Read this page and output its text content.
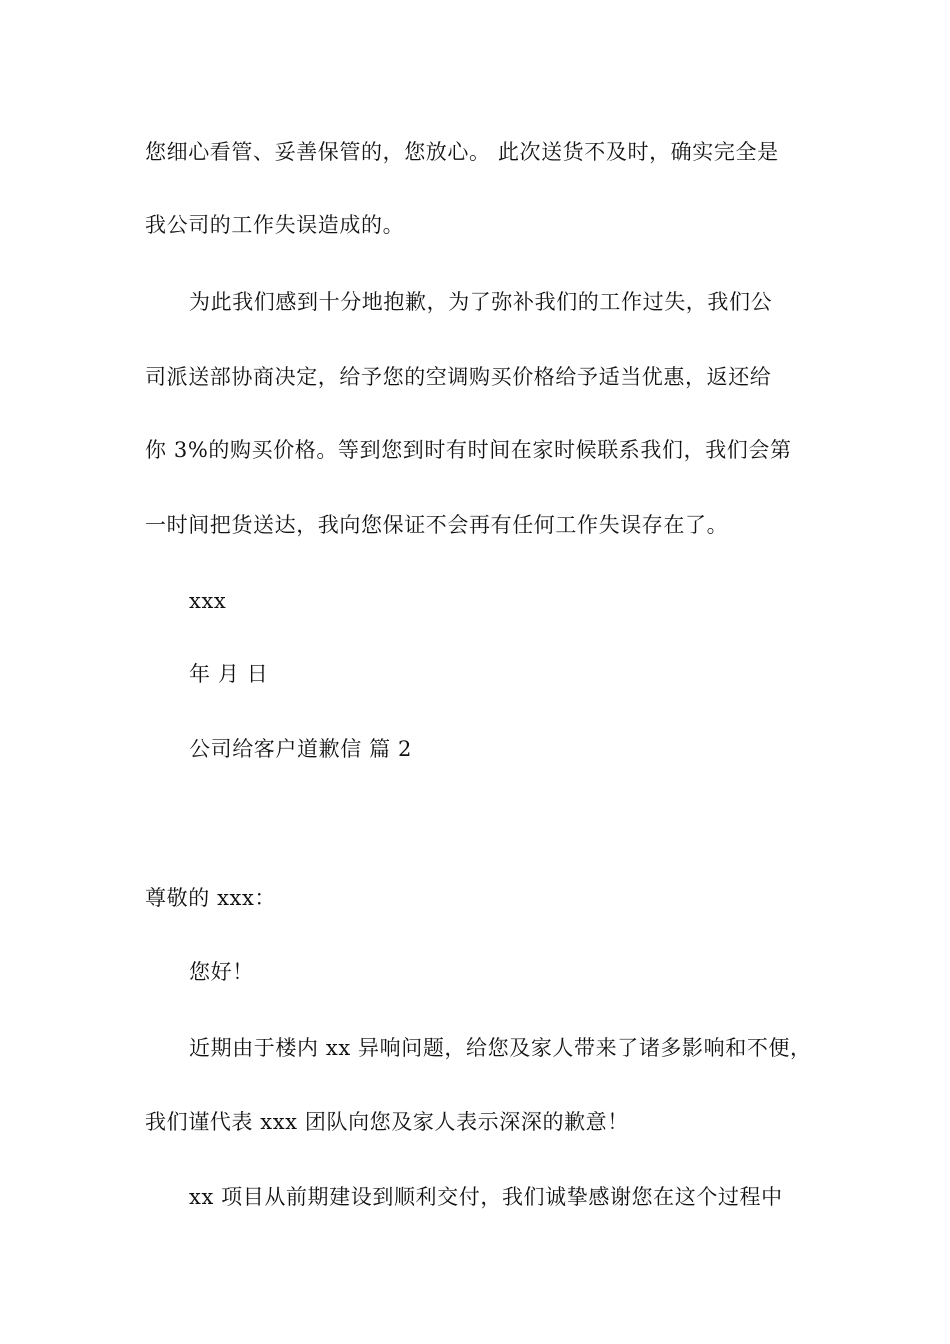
您细心看管、妥善保管的，您放心。 此次送货不及时，确实完全是
我公司的工作失误造成的。
为此我们感到十分地抱歉，为了弥补我们的工作过失，我们公
司派送部协商决定，给予您的空调购买价格给予适当优惠，返还给
你 3%的购买价格。等到您到时有时间在家时候联系我们，我们会第
一时间把货送达，我向您保证不会再有任何工作失误存在了。
xxx
年 月 日
公司给客户道歉信 篇 2
尊敬的 xxx：
您好！
近期由于楼内 xx 异响问题，给您及家人带来了诸多影响和不便，
我们谨代表 xxx 团队向您及家人表示深深的歉意！
xx 项目从前期建设到顺利交付，我们诚挚感谢您在这个过程中
